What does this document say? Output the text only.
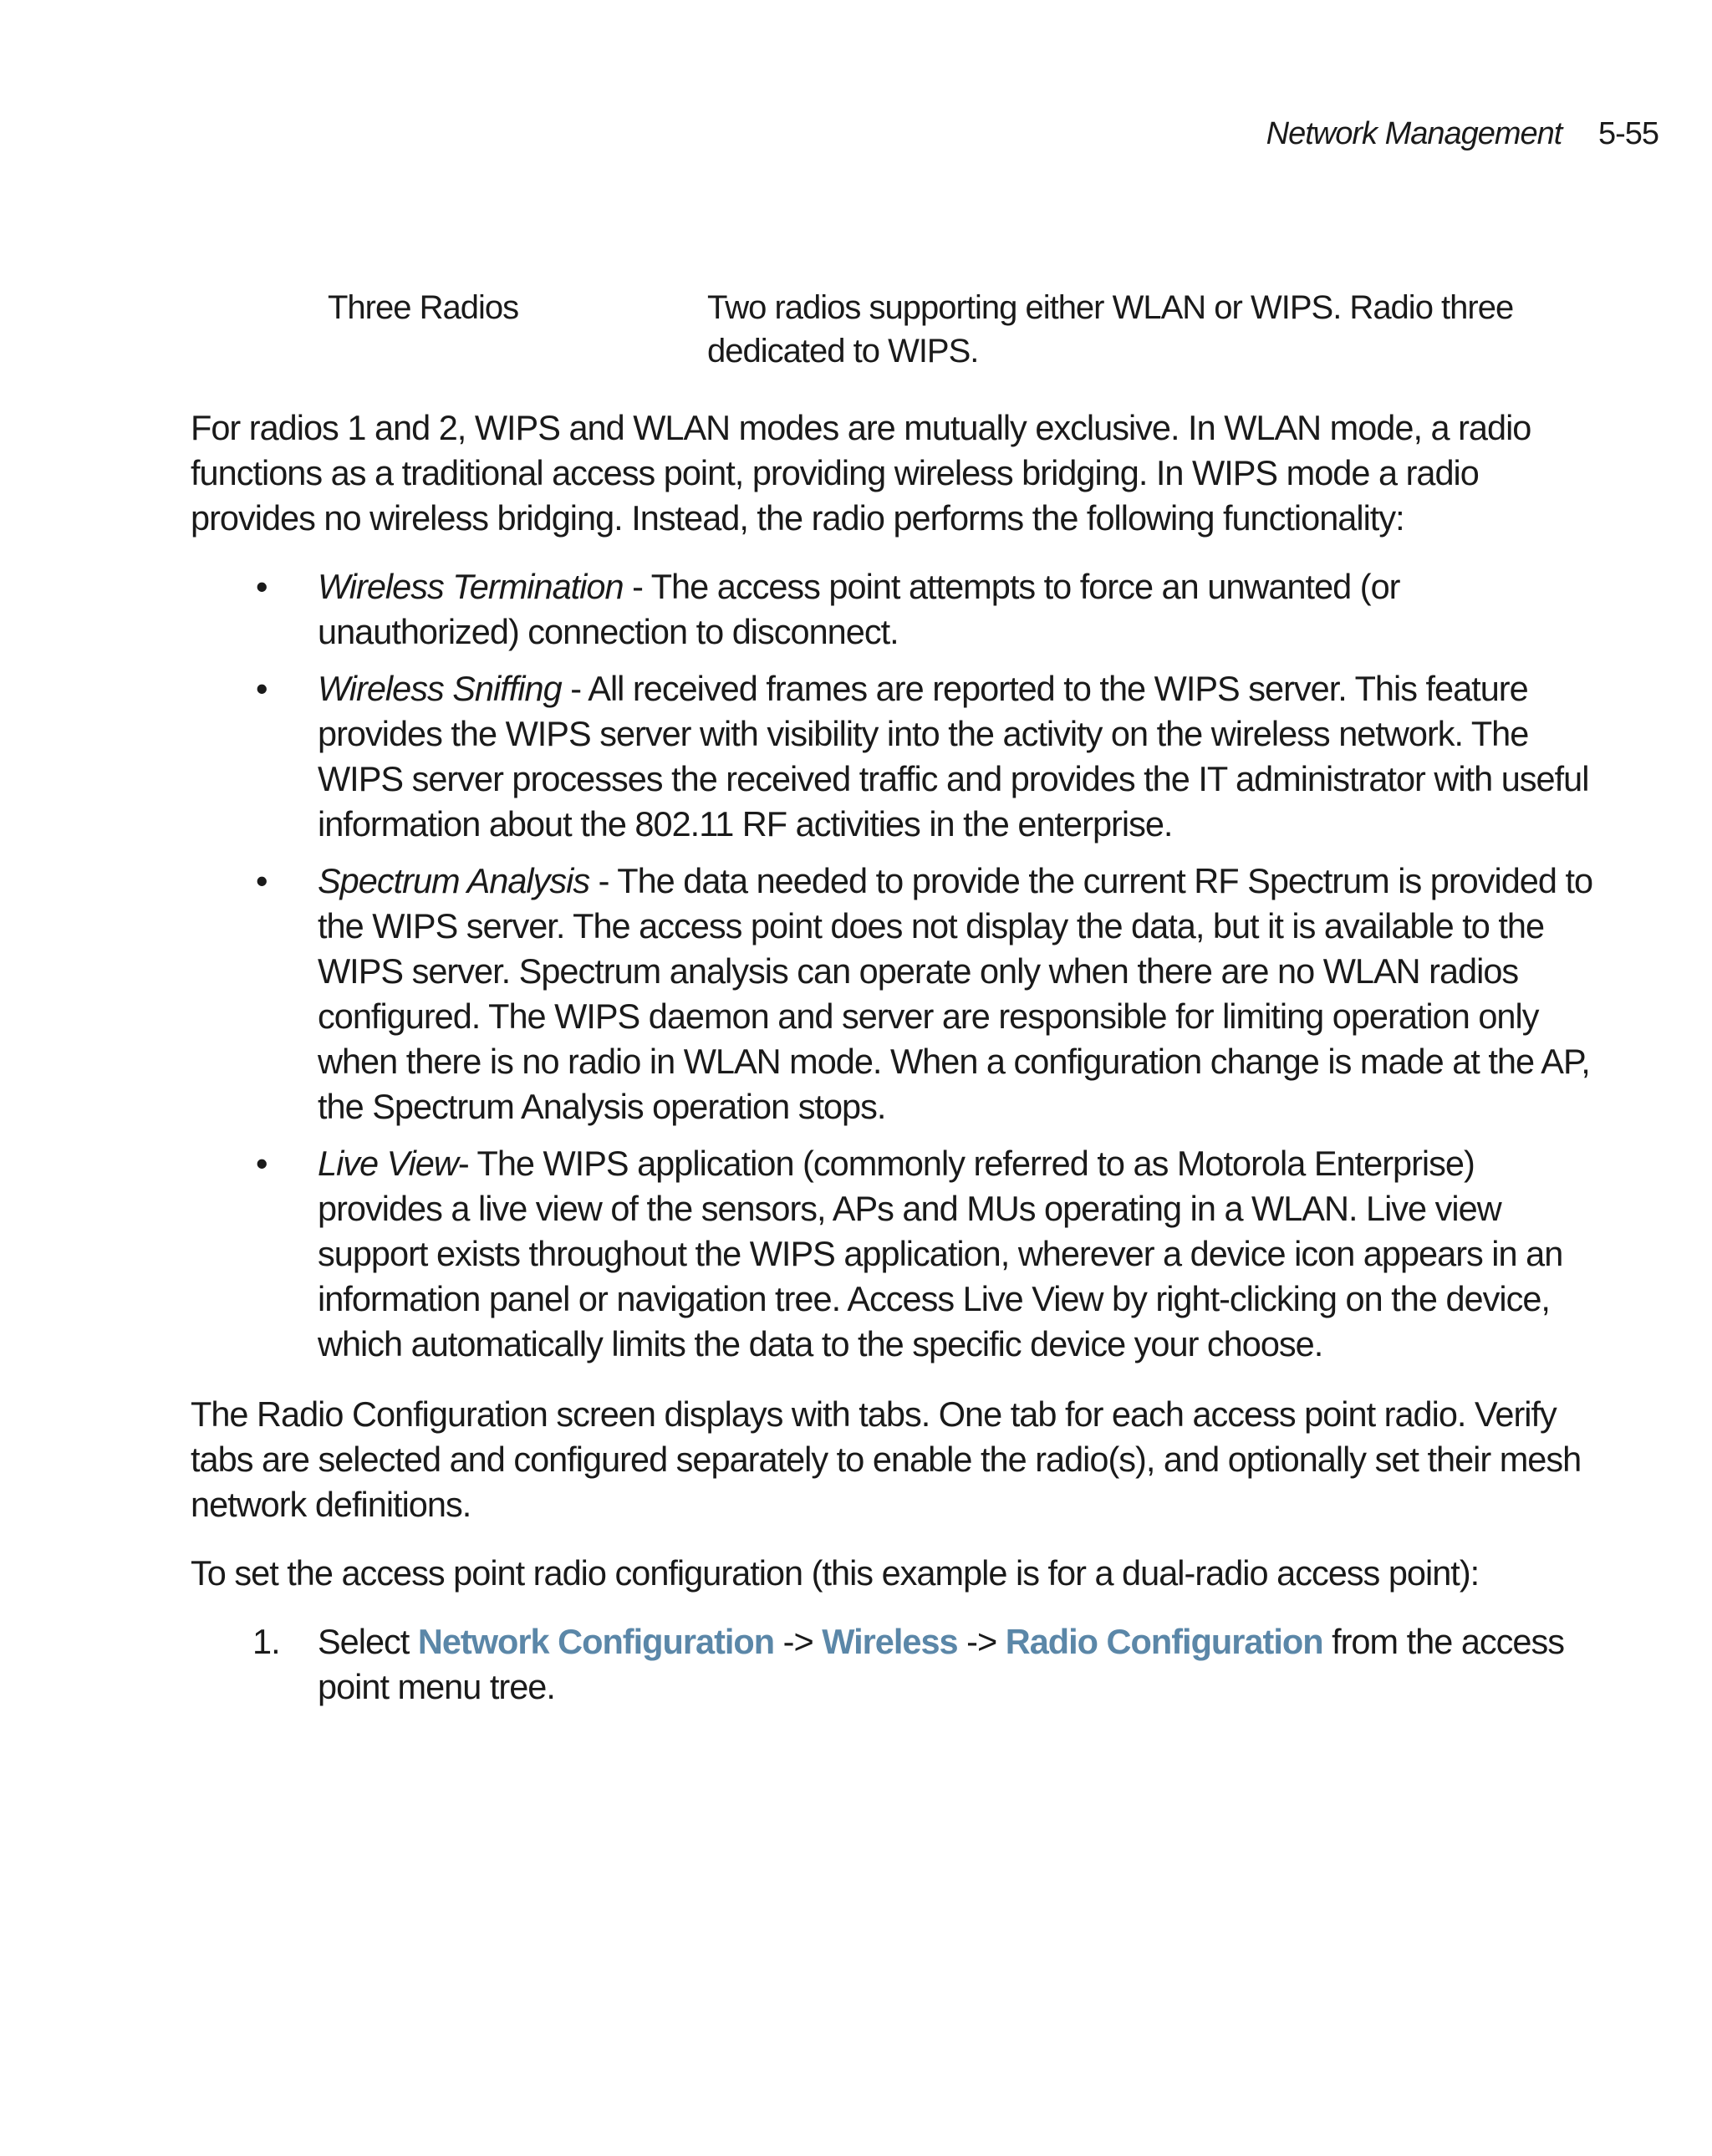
Network Management 5-55
Three Radios	Two radios supporting either WLAN or WIPS. Radio three dedicated to WIPS.

For radios 1 and 2, WIPS and WLAN modes are mutually exclusive. In WLAN mode, a radio functions as a traditional access point, providing wireless bridging. In WIPS mode a radio provides no wireless bridging. Instead, the radio performs the following functionality:

• Wireless Termination - The access point attempts to force an unwanted (or unauthorized) connection to disconnect.
• Wireless Sniffing - All received frames are reported to the WIPS server. This feature provides the WIPS server with visibility into the activity on the wireless network. The WIPS server processes the received traffic and provides the IT administrator with useful information about the 802.11 RF activities in the enterprise.
• Spectrum Analysis - The data needed to provide the current RF Spectrum is provided to the WIPS server. The access point does not display the data, but it is available to the WIPS server. Spectrum analysis can operate only when there are no WLAN radios configured. The WIPS daemon and server are responsible for limiting operation only when there is no radio in WLAN mode. When a configuration change is made at the AP, the Spectrum Analysis operation stops.
• Live View- The WIPS application (commonly referred to as Motorola Enterprise) provides a live view of the sensors, APs and MUs operating in a WLAN. Live view support exists throughout the WIPS application, wherever a device icon appears in an information panel or navigation tree. Access Live View by right-clicking on the device, which automatically limits the data to the specific device your choose.

The Radio Configuration screen displays with tabs. One tab for each access point radio. Verify tabs are selected and configured separately to enable the radio(s), and optionally set their mesh network definitions.

To set the access point radio configuration (this example is for a dual-radio access point):

1. Select Network Configuration -> Wireless -> Radio Configuration from the access point menu tree.
